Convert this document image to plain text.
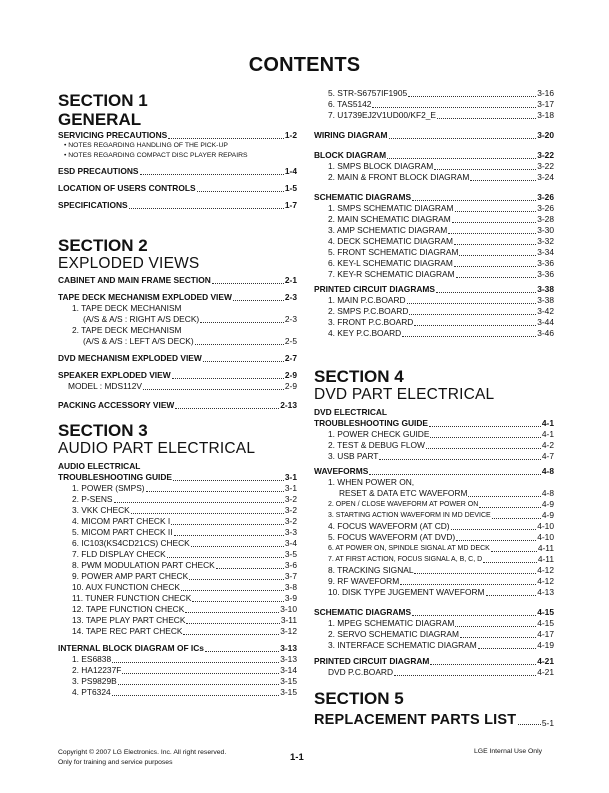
CONTENTS
SECTION 1
GENERAL
SERVICING PRECAUTIONS	1-2
• NOTES REGARDING HANDLING OF THE PICK-UP
• NOTES REGARDING COMPACT DISC PLAYER REPAIRS
ESD PRECAUTIONS	1-4
LOCATION OF USERS CONTROLS	1-5
SPECIFICATIONS	1-7
SECTION 2
EXPLODED VIEWS
CABINET AND MAIN FRAME SECTION	2-1
TAPE DECK MECHANISM EXPLODED VIEW	2-3
1. TAPE DECK MECHANISM
(A/S & A/S : RIGHT A/S DECK)	2-3
2. TAPE DECK MECHANISM
(A/S & A/S : LEFT A/S DECK)	2-5
DVD MECHANISM EXPLODED VIEW	2-7
SPEAKER EXPLODED VIEW	2-9
MODEL : MDS112V	2-9
PACKING ACCESSORY VIEW	2-13
SECTION 3
AUDIO PART ELECTRICAL
AUDIO ELECTRICAL
TROUBLESHOOTING GUIDE	3-1
1. POWER (SMPS)	3-1
2. P-SENS	3-2
3. VKK CHECK	3-2
4. MICOM PART CHECK I	3-2
5. MICOM PART CHECK II	3-3
6. IC103(KS4CD21CS) CHECK	3-4
7. FLD DISPLAY CHECK	3-5
8. PWM MODULATION PART CHECK	3-6
9. POWER AMP PART CHECK	3-7
10. AUX FUNCTION CHECK	3-8
11. TUNER FUNCTION CHECK	3-9
12. TAPE FUNCTION CHECK	3-10
13. TAPE PLAY PART CHECK	3-11
14. TAPE REC PART CHECK	3-12
INTERNAL BLOCK DIAGRAM OF ICs	3-13
1. ES6838	3-13
2. HA12237F	3-14
3. PS9829B	3-15
4. PT6324	3-15
5. STR-S6757IF1905	3-16
6. TAS5142	3-17
7. U1739EJ2V1UD00/KF2_E	3-18
WIRING DIAGRAM	3-20
BLOCK DIAGRAM	3-22
1. SMPS BLOCK DIAGRAM	3-22
2. MAIN & FRONT BLOCK DIAGRAM	3-24
SCHEMATIC DIAGRAMS	3-26
1. SMPS SCHEMATIC DIAGRAM	3-26
2. MAIN SCHEMATIC DIAGRAM	3-28
3. AMP SCHEMATIC DIAGRAM	3-30
4. DECK SCHEMATIC DIAGRAM	3-32
5. FRONT SCHEMATIC DIAGRAM	3-34
6. KEY-L SCHEMATIC DIAGRAM	3-36
7. KEY-R SCHEMATIC DIAGRAM	3-36
PRINTED CIRCUIT DIAGRAMS	3-38
1. MAIN P.C.BOARD	3-38
2. SMPS P.C.BOARD	3-42
3. FRONT P.C.BOARD	3-44
4. KEY P.C.BOARD	3-46
SECTION 4
DVD PART ELECTRICAL
DVD ELECTRICAL
TROUBLESHOOTING GUIDE	4-1
1. POWER CHECK GUIDE	4-1
2. TEST & DEBUG FLOW	4-2
3. USB PART	4-7
WAVEFORMS	4-8
1. WHEN POWER ON,
RESET & DATA ETC WAVEFORM	4-8
2. OPEN / CLOSE WAVEFORM AT POWER ON	4-9
3. STARTING ACTION WAVEFORM IN MD DEVICE	4-9
4. FOCUS WAVEFORM (AT CD)	4-10
5. FOCUS WAVEFORM (AT DVD)	4-10
6. AT POWER ON, SPINDLE SIGNAL AT MD DECK	4-11
7. AT FIRST ACTION, FOCUS SIGNAL A, B, C, D	4-11
8. TRACKING SIGNAL	4-12
9. RF WAVEFORM	4-12
10. DISK TYPE JUGEMENT WAVEFORM	4-13
SCHEMATIC DIAGRAMS	4-15
1. MPEG SCHEMATIC DIAGRAM	4-15
2. SERVO SCHEMATIC DIAGRAM	4-17
3. INTERFACE SCHEMATIC DIAGRAM	4-19
PRINTED CIRCUIT DIAGRAM	4-21
DVD P.C.BOARD	4-21
SECTION 5
REPLACEMENT PARTS LIST	5-1
Copyright © 2007 LG Electronics. Inc. All right reserved.
Only for training and service purposes	1-1
LGE Internal Use Only
